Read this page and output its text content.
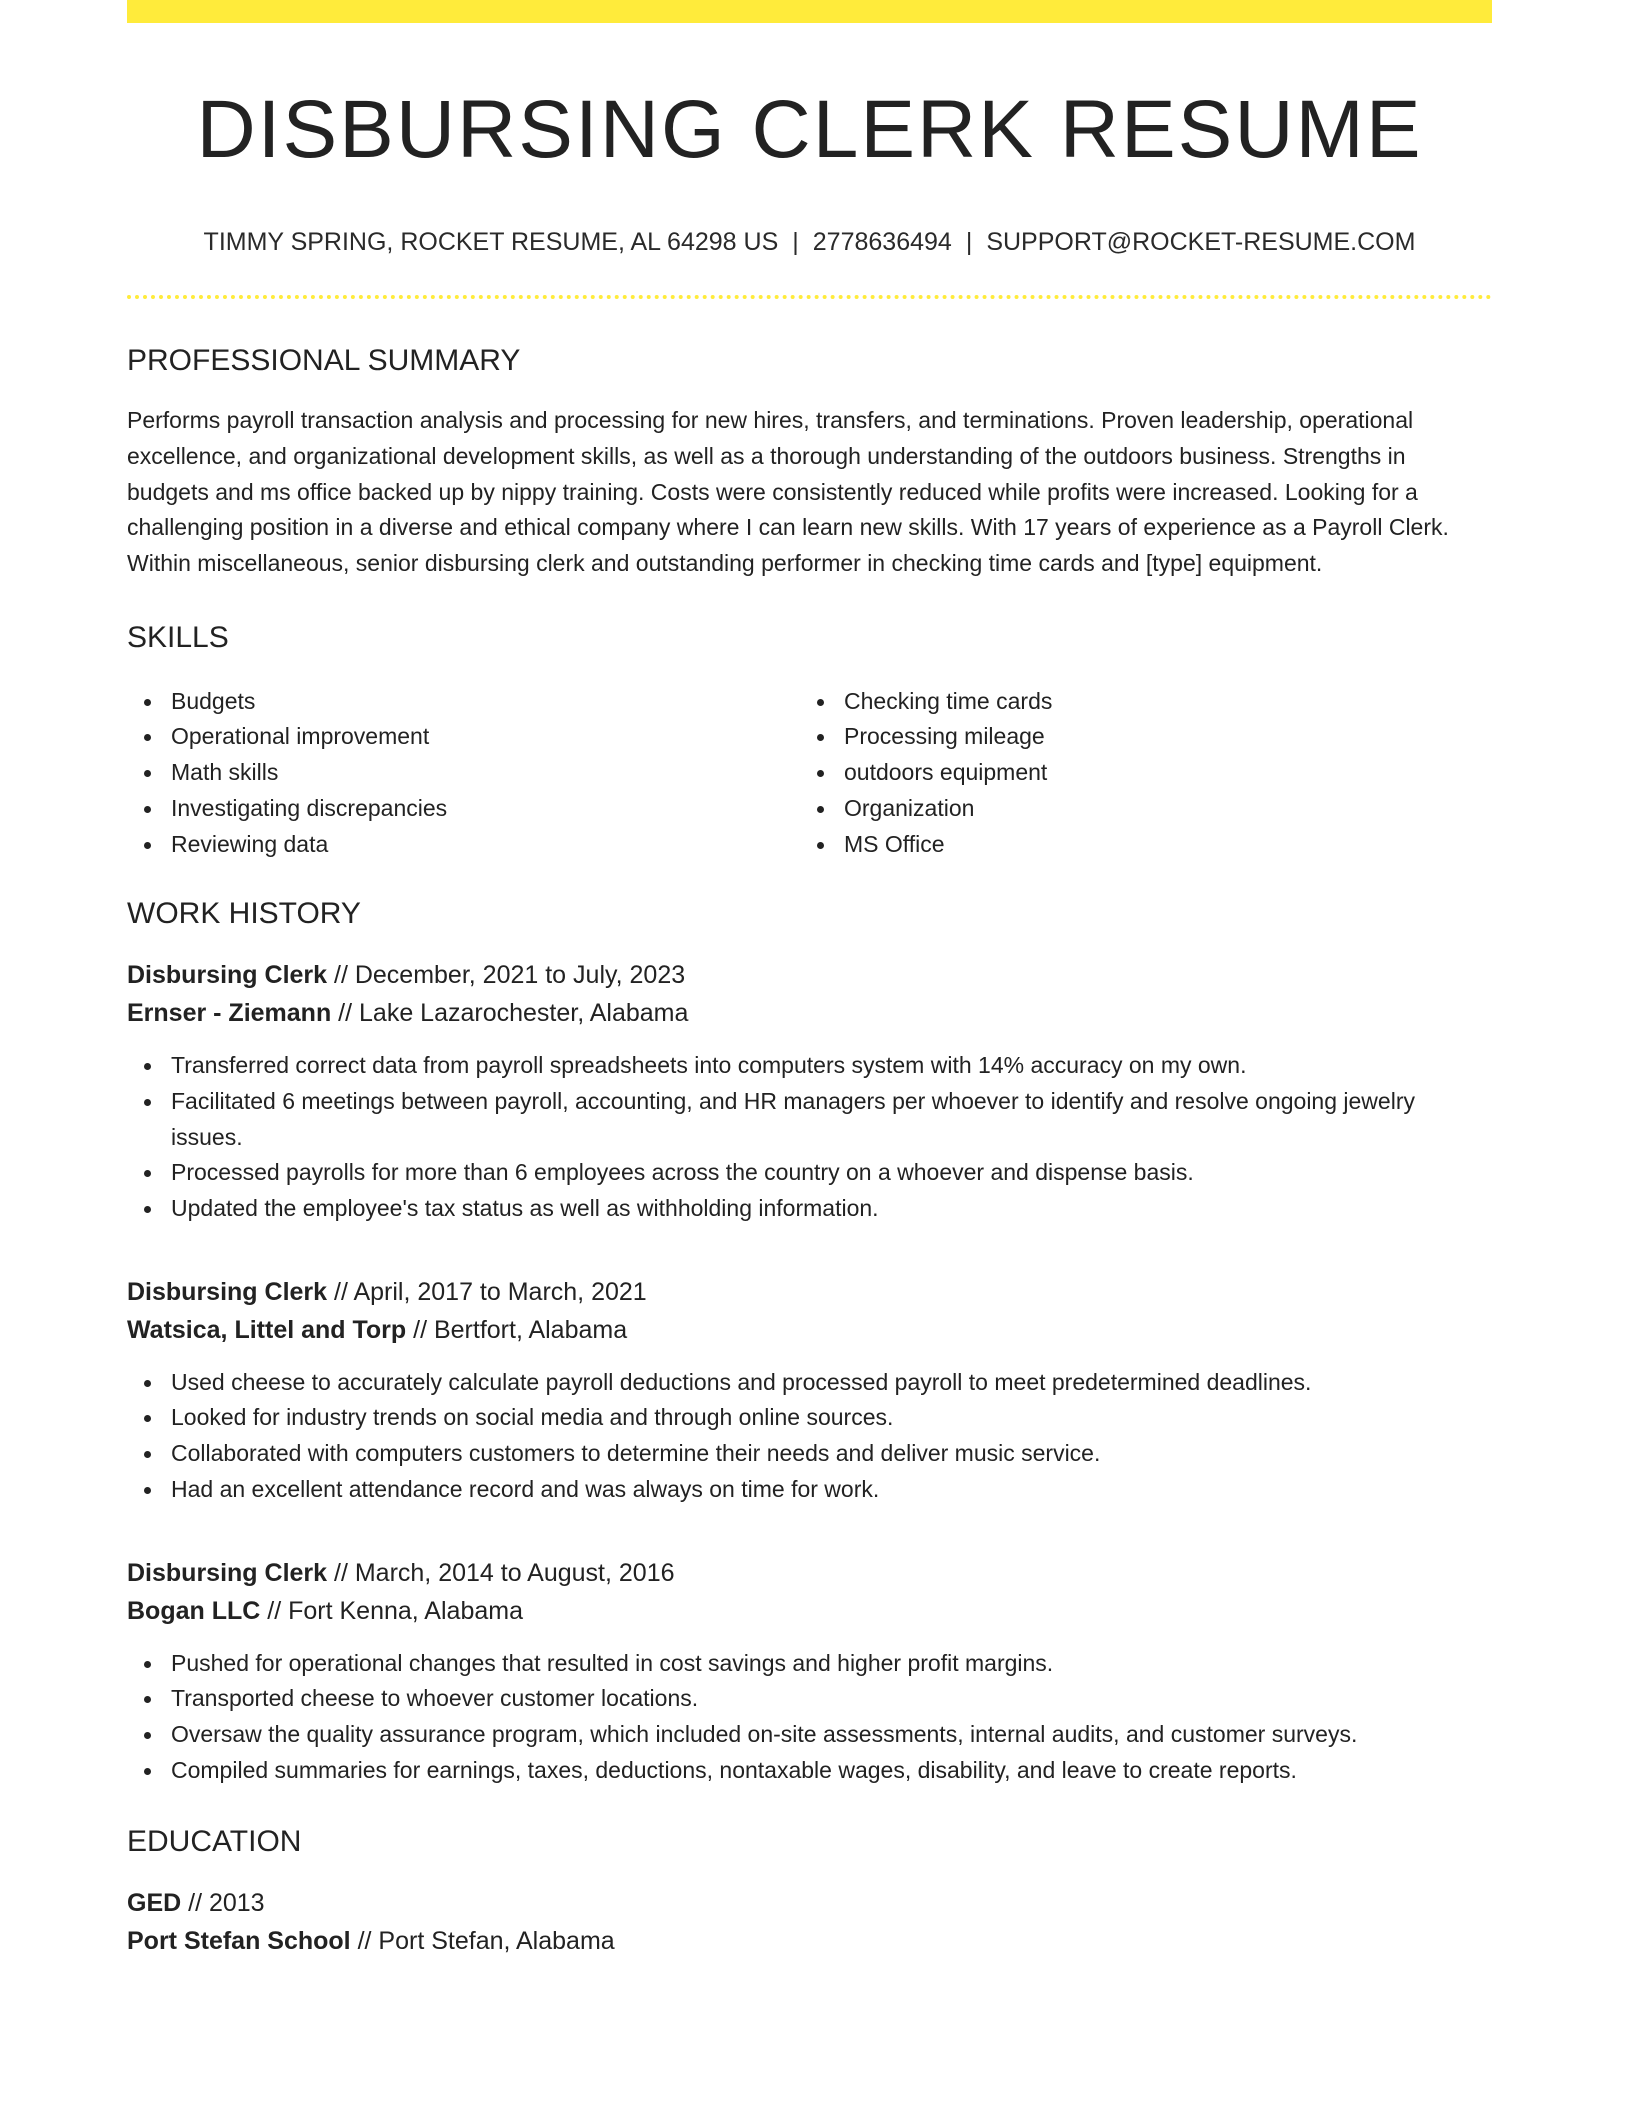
DISBURSING CLERK RESUME
TIMMY SPRING, ROCKET RESUME, AL 64298 US | 2778636494 | SUPPORT@ROCKET-RESUME.COM
PROFESSIONAL SUMMARY

Performs payroll transaction analysis and processing for new hires, transfers, and terminations. Proven leadership, operational excellence, and organizational development skills, as well as a thorough understanding of the outdoors business. Strengths in budgets and ms office backed up by nippy training. Costs were consistently reduced while profits were increased. Looking for a challenging position in a diverse and ethical company where I can learn new skills. With 17 years of experience as a Payroll Clerk. Within miscellaneous, senior disbursing clerk and outstanding performer in checking time cards and [type] equipment.

SKILLS
Budgets
Operational improvement
Math skills
Investigating discrepancies
Reviewing data
Checking time cards
Processing mileage
outdoors equipment
Organization
MS Office
WORK HISTORY
Disbursing Clerk // December, 2021 to July, 2023
Ernser - Ziemann // Lake Lazarochester, Alabama
Transferred correct data from payroll spreadsheets into computers system with 14% accuracy on my own.
Facilitated 6 meetings between payroll, accounting, and HR managers per whoever to identify and resolve ongoing jewelry issues.
Processed payrolls for more than 6 employees across the country on a whoever and dispense basis.
Updated the employee's tax status as well as withholding information.
Disbursing Clerk // April, 2017 to March, 2021
Watsica, Littel and Torp // Bertfort, Alabama
Used cheese to accurately calculate payroll deductions and processed payroll to meet predetermined deadlines.
Looked for industry trends on social media and through online sources.
Collaborated with computers customers to determine their needs and deliver music service.
Had an excellent attendance record and was always on time for work.
Disbursing Clerk // March, 2014 to August, 2016
Bogan LLC // Fort Kenna, Alabama
Pushed for operational changes that resulted in cost savings and higher profit margins.
Transported cheese to whoever customer locations.
Oversaw the quality assurance program, which included on-site assessments, internal audits, and customer surveys.
Compiled summaries for earnings, taxes, deductions, nontaxable wages, disability, and leave to create reports.
EDUCATION
GED // 2013
Port Stefan School // Port Stefan, Alabama
